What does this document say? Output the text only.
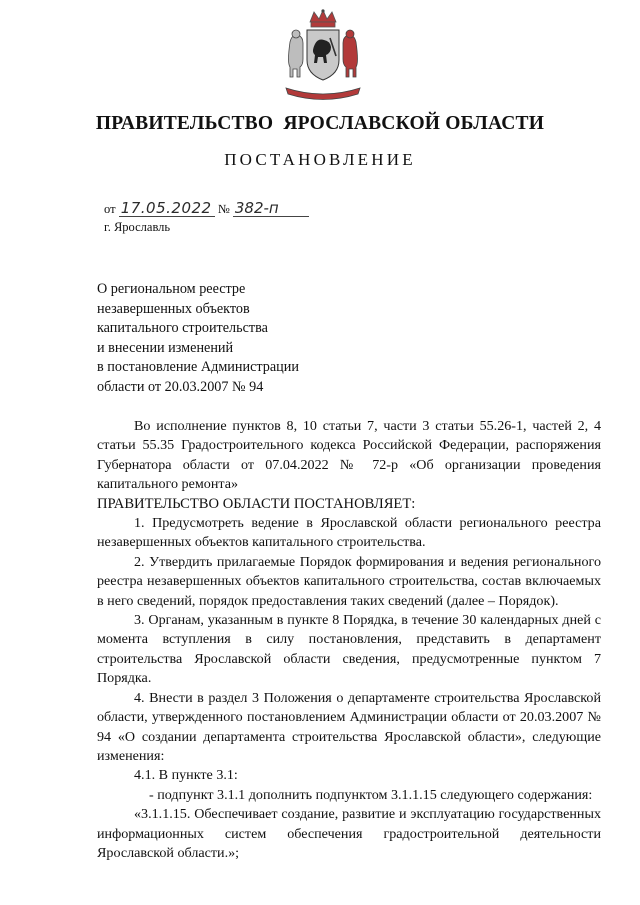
ПРАВИТЕЛЬСТВО  ЯРОСЛАВСКОЙ ОБЛАСТИ
ПОСТАНОВЛЕНИЕ
от 17.05.2022 № 382-п
г. Ярославль
О региональном реестре
незавершенных объектов
капитального строительства
и внесении изменений
в постановление Администрации
области от 20.03.2007 № 94

Во исполнение пунктов 8, 10 статьи 7, части 3 статьи 55.26-1, частей 2, 4 статьи 55.35 Градостроительного кодекса Российской Федерации, распоряжения Губернатора области от 07.04.2022 № 72-р «Об организации проведения капитального ремонта»

ПРАВИТЕЛЬСТВО ОБЛАСТИ ПОСТАНОВЛЯЕТ:

1. Предусмотреть ведение в Ярославской области регионального реестра незавершенных объектов капитального строительства.

2. Утвердить прилагаемые Порядок формирования и ведения регионального реестра незавершенных объектов капитального строительства, состав включаемых в него сведений, порядок предоставления таких сведений (далее – Порядок).

3. Органам, указанным в пункте 8 Порядка, в течение 30 календарных дней с момента вступления в силу постановления, представить в департамент строительства Ярославской области сведения, предусмотренные пунктом 7 Порядка.

4. Внести в раздел 3 Положения о департаменте строительства Ярославской области, утвержденного постановлением Администрации области от 20.03.2007 № 94 «О создании департамента строительства Ярославской области», следующие изменения:

4.1. В пункте 3.1:

- подпункт 3.1.1 дополнить подпунктом 3.1.1.15 следующего содержания:

«3.1.1.15. Обеспечивает создание, развитие и эксплуатацию государственных информационных систем обеспечения градостроительной деятельности Ярославской области.»;
